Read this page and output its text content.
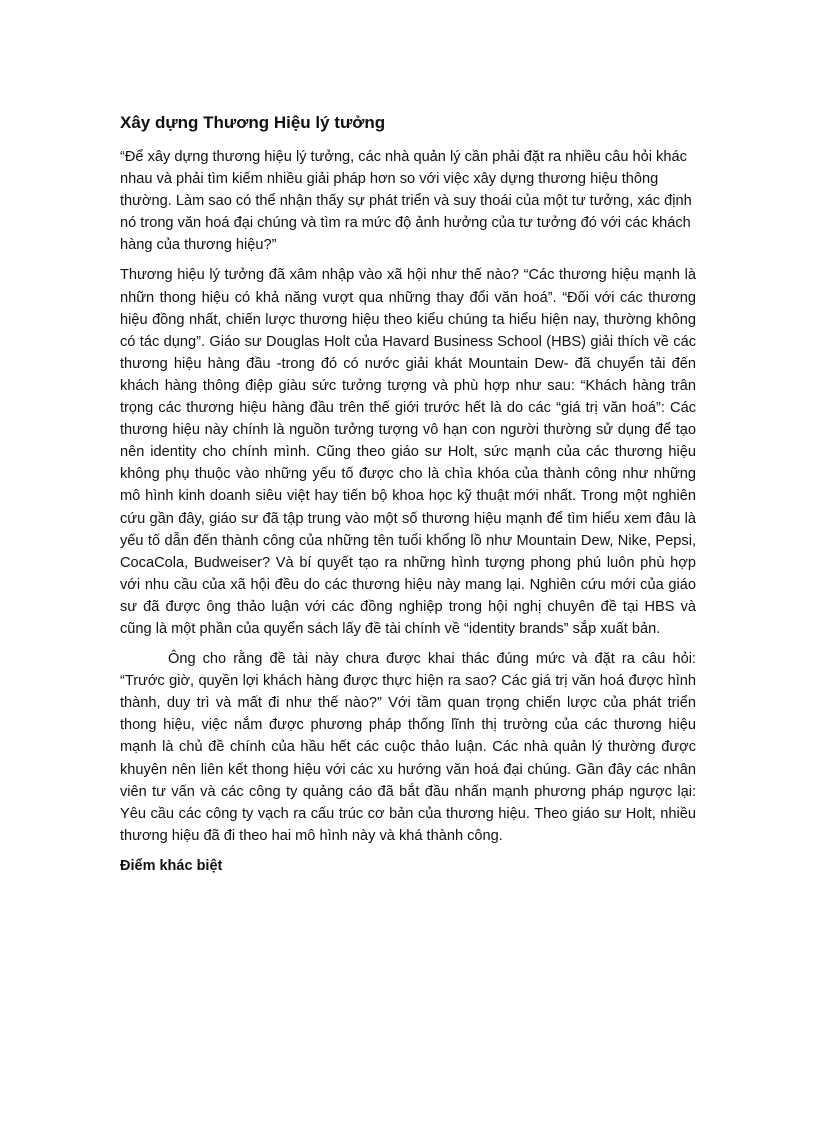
Xây dựng Thương Hiệu lý tưởng

“Để xây dựng thương hiệu lý tưởng, các nhà quản lý cần phải đặt ra nhiều câu hỏi khác nhau và phải tìm kiếm nhiều giải pháp hơn so với việc xây dựng thương hiệu thông thường. Làm sao có thể nhận thấy sự phát triển và suy thoái của một tư tưởng, xác định nó trong văn hoá đại chúng và tìm ra mức độ ảnh hưởng của tư tưởng đó với các khách hàng của thương hiệu?”

Thương hiệu lý tưởng đã xâm nhập vào xã hội như thế nào? “Các thương hiệu mạnh là nhữn thong hiệu có khả năng vượt qua những thay đổi văn hoá”. “Đối với các thương hiệu đồng nhất, chiến lược thương hiệu theo kiểu chúng ta hiểu hiện nay, thường không có tác dụng”. Giáo sư Douglas Holt của Havard Business School (HBS) giải thích về các thương hiệu hàng đầu -trong đó có nước giải khát Mountain Dew- đã chuyển tải đến khách hàng thông điệp giàu sức tưởng tượng và phù hợp như sau: “Khách hàng trân trọng các thương hiệu hàng đầu trên thế giới trước hết là do các “giá trị văn hoá”: Các thương hiệu này chính là nguồn tưởng tượng vô hạn con người thường sử dụng để tạo nên identity cho chính mình. Cũng theo giáo sư Holt, sức mạnh của các thương hiệu không phụ thuộc vào những yếu tố được cho là chìa khóa của thành công như những mô hình kinh doanh siêu việt hay tiến bộ khoa học kỹ thuật mới nhất. Trong một nghiên cứu gần đây, giáo sư đã tập trung vào một số thương hiệu mạnh để tìm hiểu xem đâu là yếu tố dẫn đến thành công của những tên tuổi khổng lồ như Mountain Dew, Nike, Pepsi, CocaCola, Budweiser? Và bí quyết tạo ra những hình tượng phong phú luôn phù hợp với nhu cầu của xã hội đều do các thương hiệu này mang lại. Nghiên cứu mới của giáo sư đã được ông thảo luận với các đồng nghiệp trong hội nghị chuyên đề tại HBS và cũng là một phần của quyển sách lấy đề tài chính về “identity brands” sắp xuất bản.

Ông cho rằng đề tài này chưa được khai thác đúng mức và đặt ra câu hỏi: “Trước giờ, quyền lợi khách hàng được thực hiện ra sao? Các giá trị văn hoá được hình thành, duy trì và mất đi như thế nào?” Với tầm quan trọng chiến lược của phát triển thong hiệu, việc nắm được phương pháp thống lĩnh thị trường của các thương hiệu mạnh là chủ đề chính của hầu hết các cuộc thảo luận. Các nhà quản lý thường được khuyên nên liên kết thong hiệu với các xu hướng văn hoá đại chúng. Gần đây các nhân viên tư vấn và các công ty quảng cáo đã bắt đầu nhấn mạnh phương pháp ngược lại: Yêu cầu các công ty vạch ra cấu trúc cơ bản của thương hiệu. Theo giáo sư Holt, nhiều thương hiệu đã đi theo hai mô hình này và khá thành công.

Điểm khác biệt
